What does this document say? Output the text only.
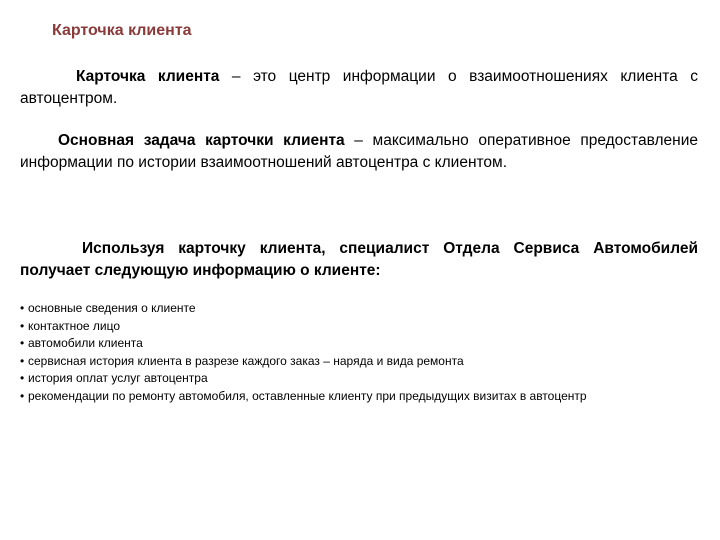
Карточка клиента
Карточка клиента – это центр информации о взаимоотношениях клиента с автоцентром.
Основная задача карточки клиента – максимально оперативное предоставление информации по истории взаимоотношений автоцентра с клиентом.
Используя карточку клиента, специалист Отдела Сервиса Автомобилей получает следующую информацию о клиенте:
• основные сведения о клиенте
• контактное лицо
• автомобили клиента
• сервисная история клиента в разрезе каждого заказ – наряда и вида ремонта
• история оплат услуг автоцентра
• рекомендации по ремонту автомобиля, оставленные клиенту при предыдущих визитах в автоцентр
